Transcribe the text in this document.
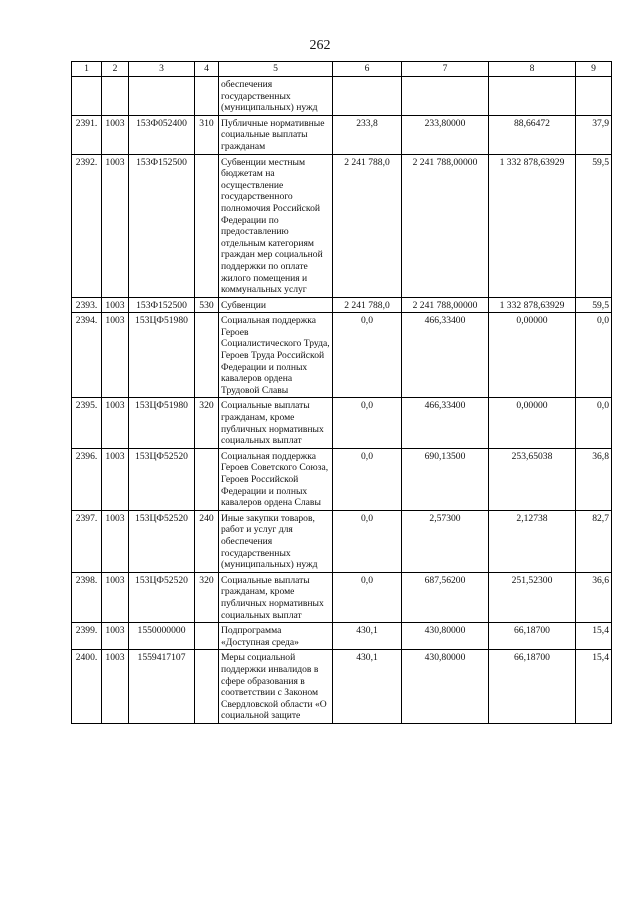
262
1	2	3	4	5	6	7	8	9
				обеспечения государственных (муниципальных) нужд				
2391.	1003	153Ф052400	310	Публичные нормативные социальные выплаты гражданам	233,8	233,80000	88,66472	37,9
2392.	1003	153Ф152500		Субвенции местным бюджетам на осуществление государственного полномочия Российской Федерации по предоставлению отдельным категориям граждан мер социальной поддержки по оплате жилого помещения и коммунальных услуг	2 241 788,0	2 241 788,00000	1 332 878,63929	59,5
2393.	1003	153Ф152500	530	Субвенции	2 241 788,0	2 241 788,00000	1 332 878,63929	59,5
2394.	1003	153ЦФ51980		Социальная поддержка Героев Социалистического Труда, Героев Труда Российской Федерации и полных кавалеров ордена Трудовой Славы	0,0	466,33400	0,00000	0,0
2395.	1003	153ЦФ51980	320	Социальные выплаты гражданам, кроме публичных нормативных социальных выплат	0,0	466,33400	0,00000	0,0
2396.	1003	153ЦФ52520		Социальная поддержка Героев Советского Союза, Героев Российской Федерации и полных кавалеров ордена Славы	0,0	690,13500	253,65038	36,8
2397.	1003	153ЦФ52520	240	Иные закупки товаров, работ и услуг для обеспечения государственных (муниципальных) нужд	0,0	2,57300	2,12738	82,7
2398.	1003	153ЦФ52520	320	Социальные выплаты гражданам, кроме публичных нормативных социальных выплат	0,0	687,56200	251,52300	36,6
2399.	1003	1550000000		Подпрограмма «Доступная среда»	430,1	430,80000	66,18700	15,4
2400.	1003	1559417107		Меры социальной поддержки инвалидов в сфере образования в соответствии с Законом Свердловской области «О социальной защите	430,1	430,80000	66,18700	15,4
